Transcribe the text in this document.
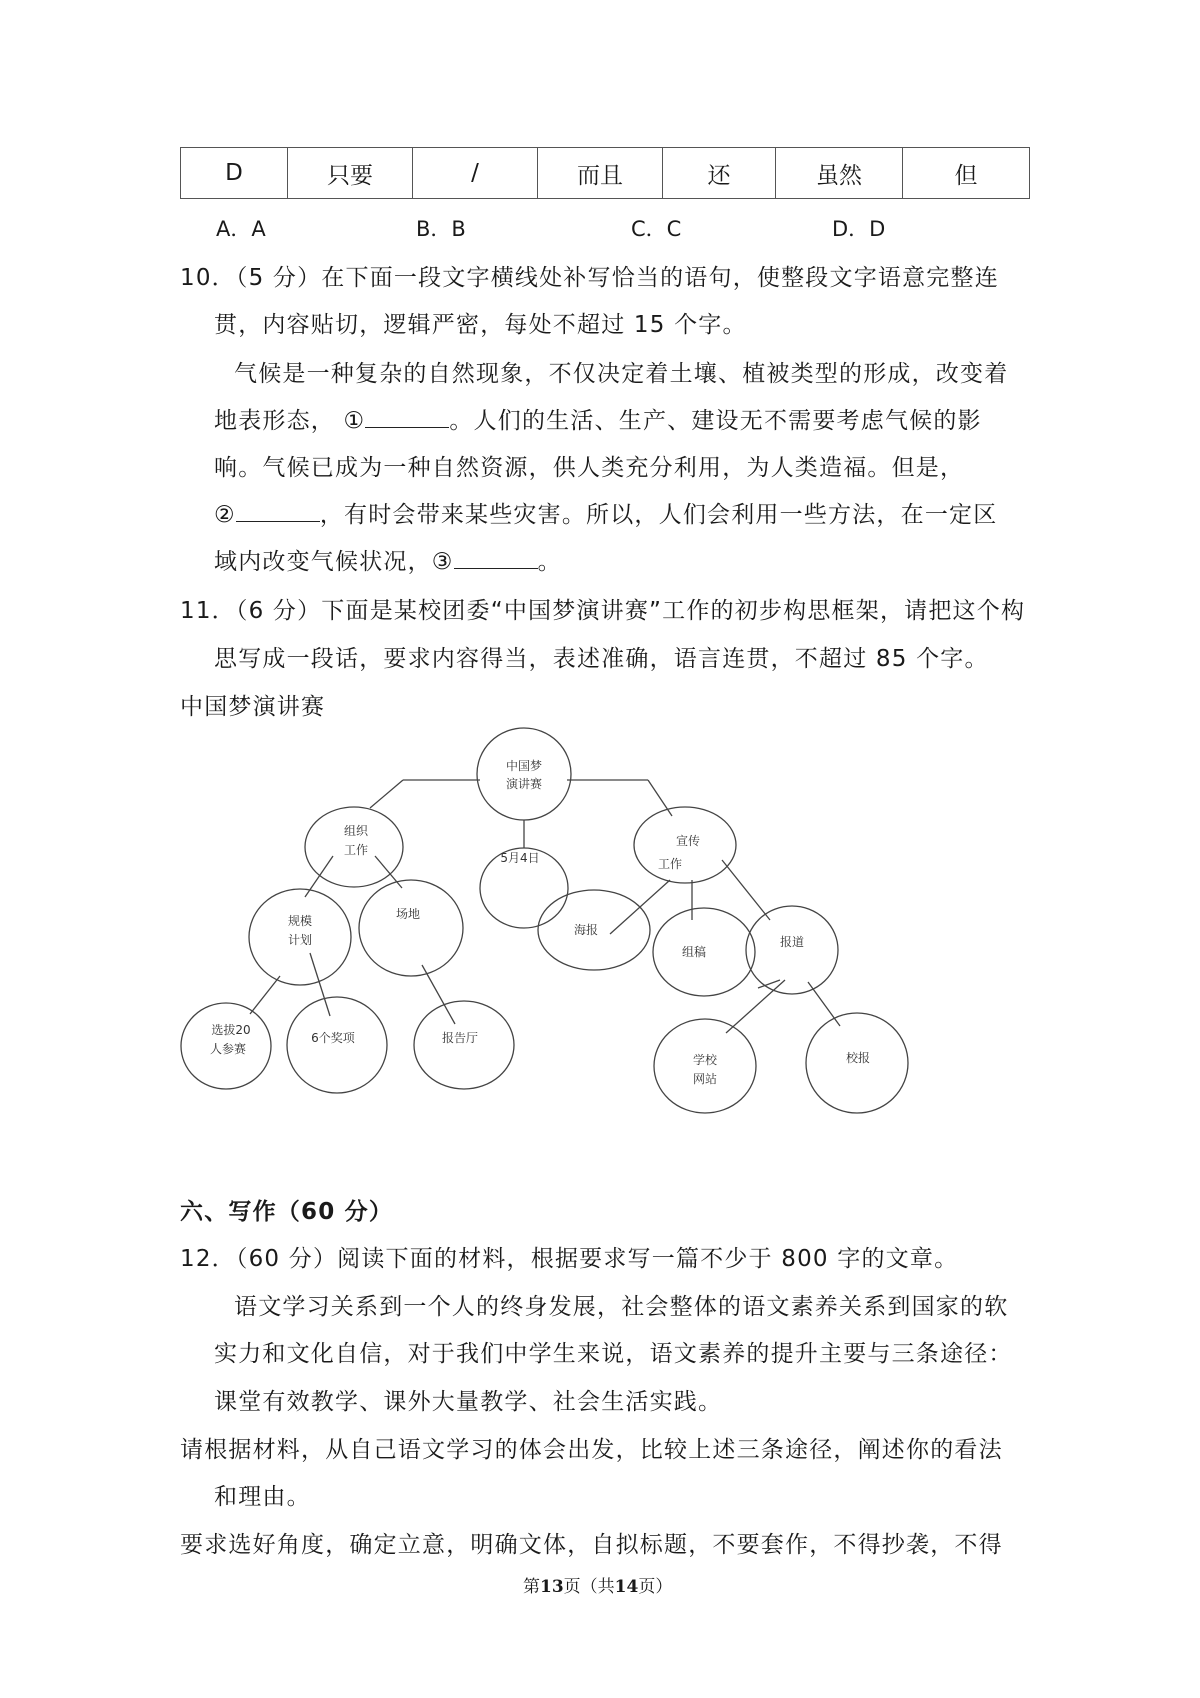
D	只要	/	而且	还	虽然	但
A．A	B．B	C．C	D．D
10．（5 分）在下面一段文字横线处补写恰当的语句，使整段文字语意完整连
贯，内容贴切，逻辑严密，每处不超过 15 个字。
气候是一种复杂的自然现象，不仅决定着土壤、植被类型的形成，改变着
地表形态， ①	。人们的生活、生产、建设无不需要考虑气候的影
响。气候已成为一种自然资源，供人类充分利用，为人类造福。但是，
②	，有时会带来某些灾害。所以，人们会利用一些方法，在一定区
域内改变气候状况，③	。
11．（6 分）下面是某校团委“中国梦演讲赛”工作的初步构思框架，请把这个构
思写成一段话，要求内容得当，表述准确，语言连贯，不超过 85 个字。
中国梦演讲赛
中国梦
演讲赛
组织
工作
5月4日
宣传
工作
规模
计划
场地
海报
组稿
报道
选拔20
人参赛
6个奖项	报告厅
学校
网站
校报
六、写作（60 分）
12．（60 分）阅读下面的材料，根据要求写一篇不少于 800 字的文章。
语文学习关系到一个人的终身发展，社会整体的语文素养关系到国家的软
实力和文化自信，对于我们中学生来说，语文素养的提升主要与三条途径：
课堂有效教学、课外大量教学、社会生活实践。
请根据材料，从自己语文学习的体会出发，比较上述三条途径，阐述你的看法
和理由。
要求选好角度，确定立意，明确文体，自拟标题，不要套作，不得抄袭，不得
第13页（共14页）
